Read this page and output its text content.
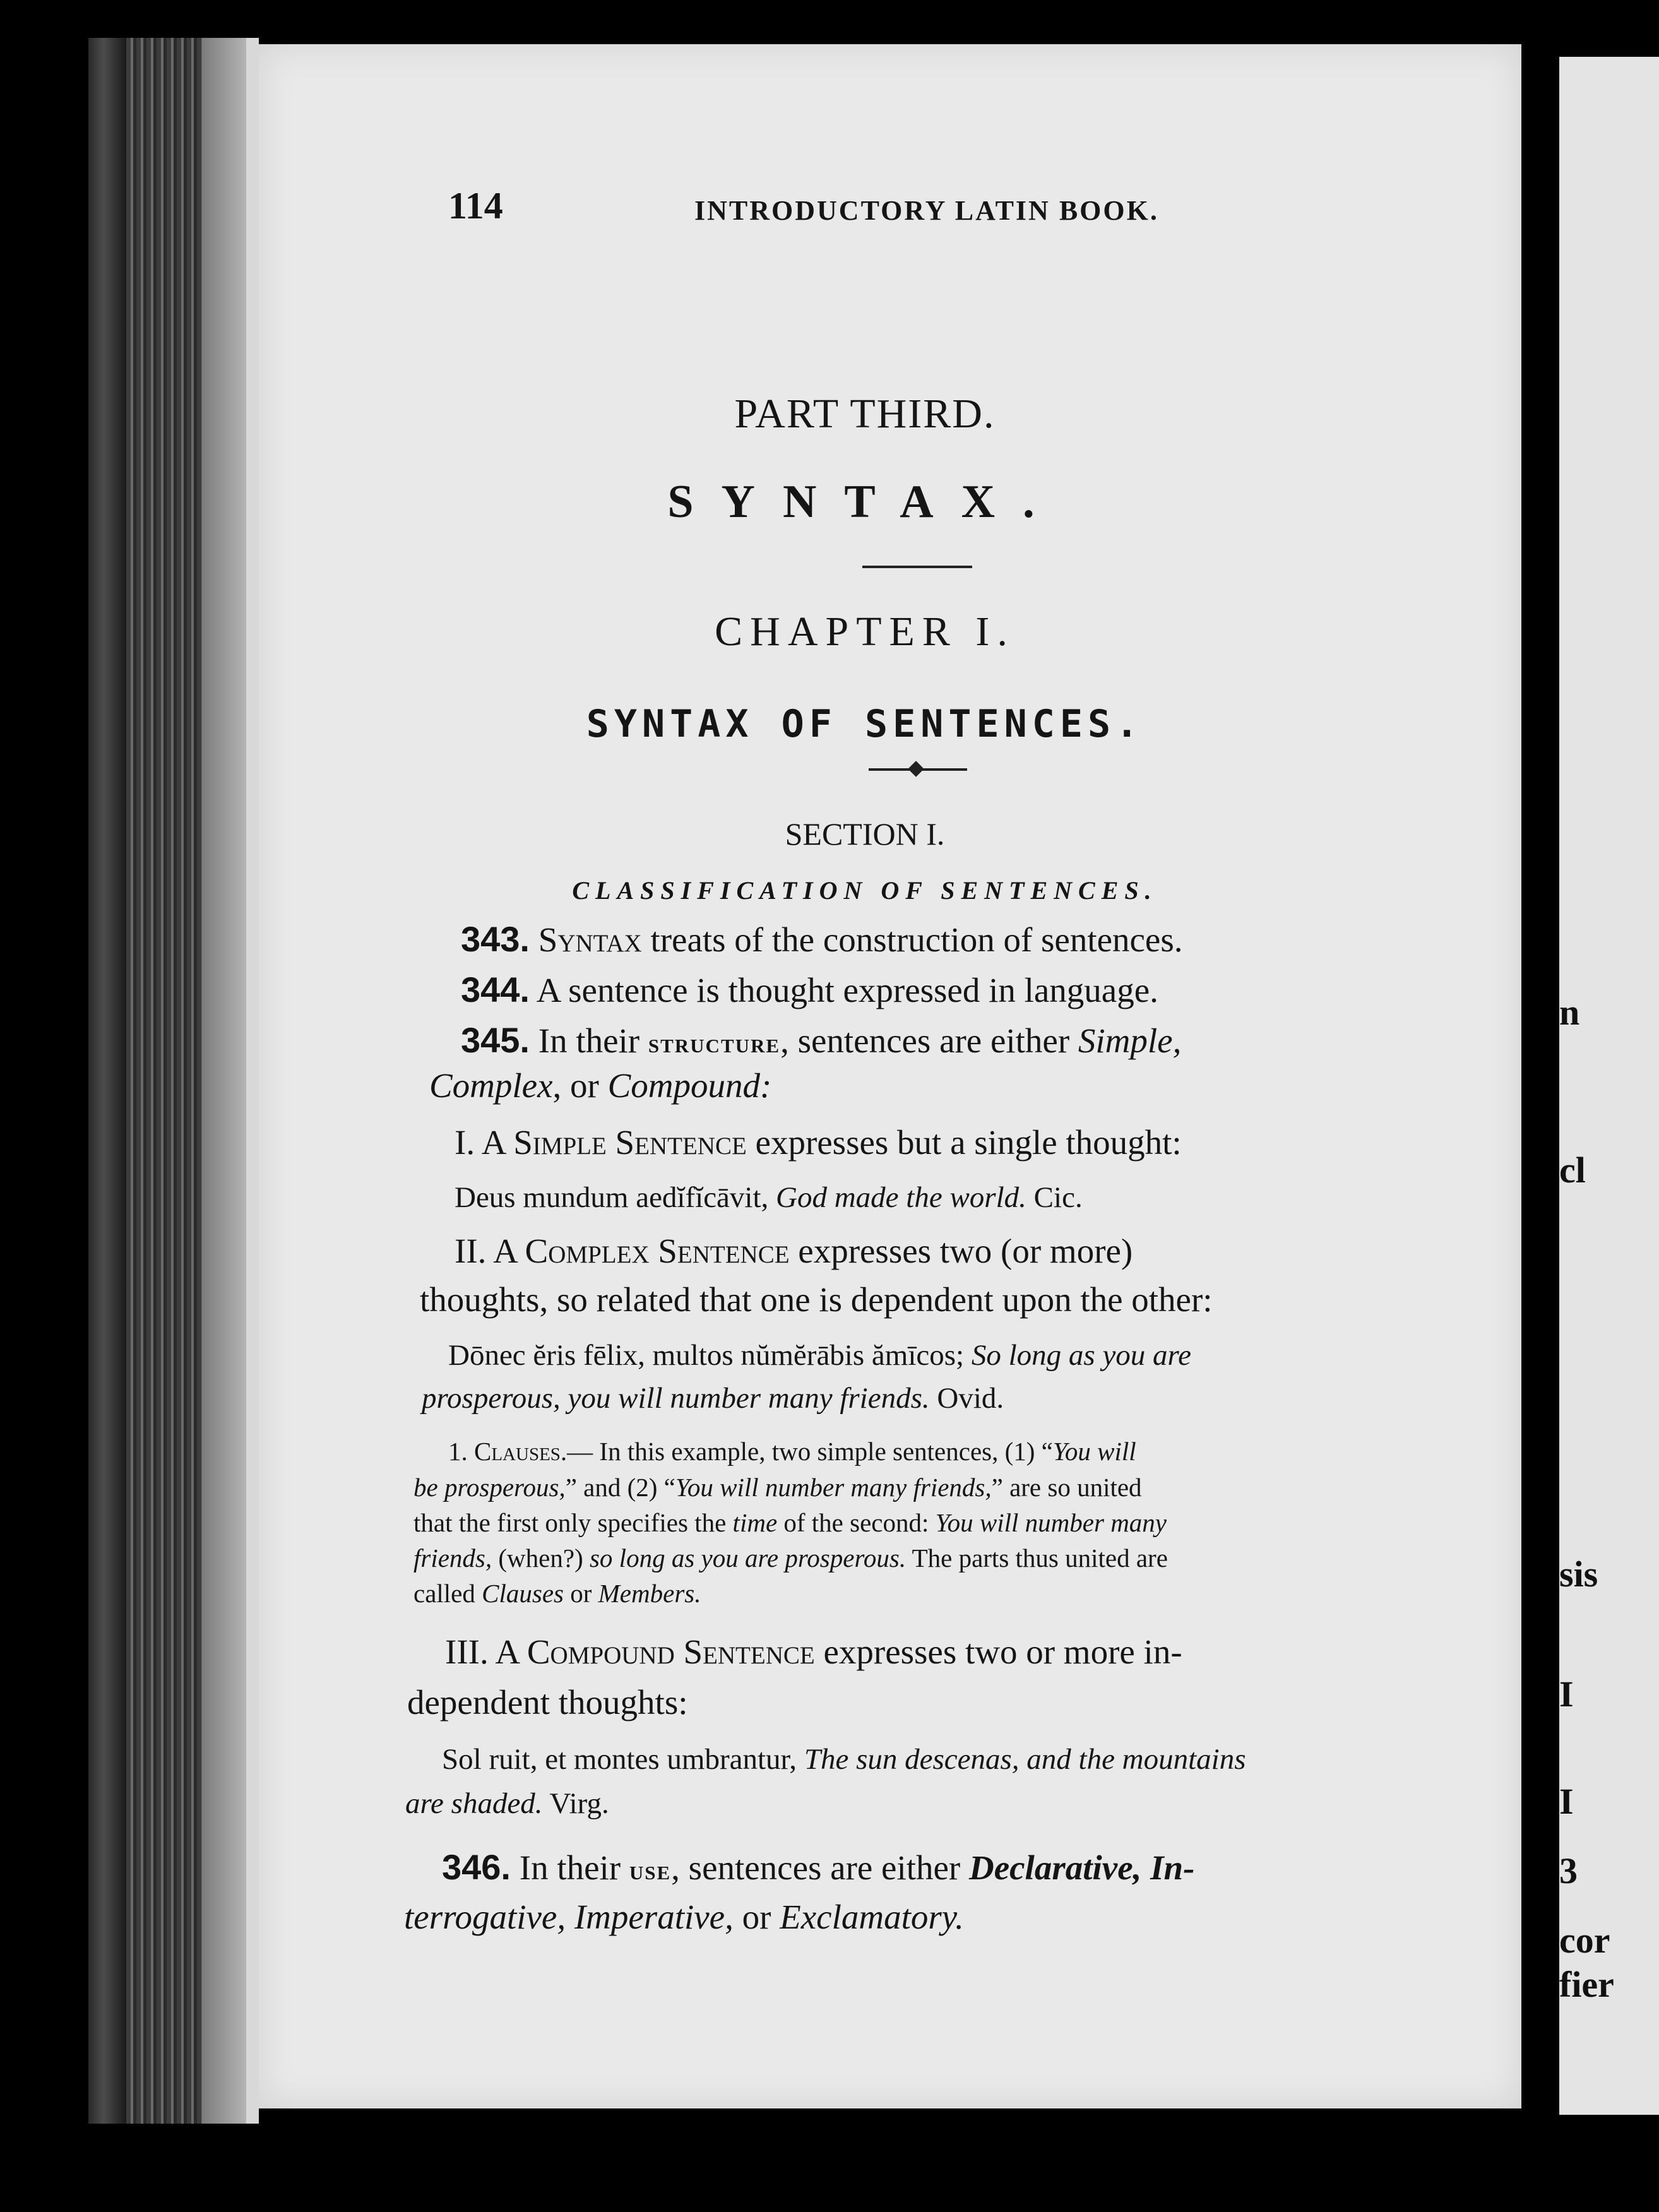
n
cl
sis
I
I
3
cor
fier
114	INTRODUCTORY LATIN BOOK.
PART THIRD.
SYNTAX.
CHAPTER I.
SYNTAX OF SENTENCES.
SECTION I.
CLASSIFICATION OF SENTENCES.
343. Syntax treats of the construction of sentences.
344. A sentence is thought expressed in language.
345. In their structure, sentences are either Simple,
Complex, or Compound:
I. A Simple Sentence expresses but a single thought:
Deus mundum aedĭfĭcāvit, God made the world. Cic.
II. A Complex Sentence expresses two (or more)
thoughts, so related that one is dependent upon the other:
Dōnec ĕris fēlix, multos nŭmĕrābis ămīcos; So long as you are
prosperous, you will number many friends. Ovid.
1. Clauses.— In this example, two simple sentences, (1) “You will
be prosperous,” and (2) “You will number many friends,” are so united
that the first only specifies the time of the second: You will number many
friends, (when?) so long as you are prosperous. The parts thus united are
called Clauses or Members.
III. A Compound Sentence expresses two or more in-
dependent thoughts:
Sol ruit, et montes umbrantur, The sun descenas, and the mountains
are shaded. Virg.
346. In their use, sentences are either Declarative, In-
terrogative, Imperative, or Exclamatory.
